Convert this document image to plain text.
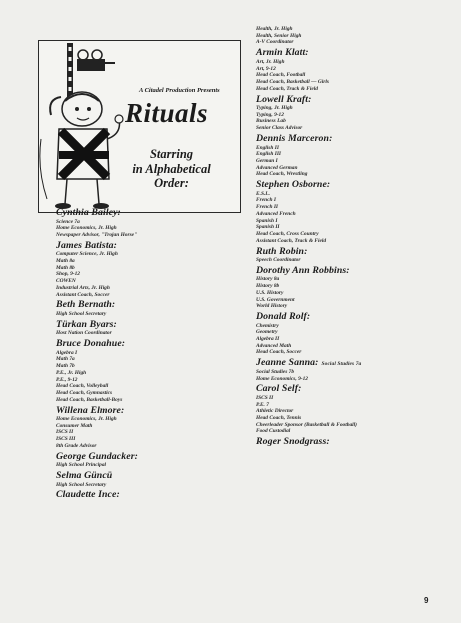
A Citadel Production Presents
Rituals
Starring
in Alphabetical
Order:
Cynthia Bailey:
Science 7a
Home Economics, Jr. High
Newspaper Advisor, "Trojan Horse"
James Batista:
Computer Science, Jr. High
Math 8a
Math 8b
Shop, 9-12
COWEN
Industrial Arts, Jr. High
Assistant Coach, Soccer
Beth Bernath:
High School Secretary
Türkan Byars:
Host Nation Coordinator
Bruce Donahue:
Algebra I
Math 7a
Math 7b
P.E., Jr. High
P.E., 9-12
Head Coach, Volleyball
Head Coach, Gymnastics
Head Coach, Basketball-Boys
Willena Elmore:
Home Economics, Jr. High
Consumer Math
ISCS II
ISCS III
8th Grade Advisor
George Gundacker:
High School Principal
Selma Güncü
High School Secretary
Claudette Ince:
Health, Jr. High
Health, Senior High
A-V Coordinator
Armin Klatt:
Art, Jr. High
Art, 9-12
Head Coach, Football
Head Coach, Basketball — Girls
Head Coach, Track & Field
Lowell Kraft:
Typing, Jr. High
Typing, 9-12
Business Lab
Senior Class Advisor
Dennis Marceron:
English II
English III
German I
Advanced German
Head Coach, Wrestling
Stephen Osborne:
E.S.L.
French I
French II
Advanced French
Spanish I
Spanish II
Head Coach, Cross Country
Assistant Coach, Track & Field
Ruth Robin:
Speech Coordinator
Dorothy Ann Robbins:
History 8a
History 8b
U.S. History
U.S. Government
World History
Donald Rolf:
Chemistry
Geometry
Algebra II
Advanced Math
Head Coach, Soccer
Jeanne Sanna: Social Studies 7a
Social Studies 7b
Home Economics, 9-12
Carol Self:
ISCS II
P.E. 7
Athletic Director
Head Coach, Tennis
Cheerleader Sponsor (Basketball & Football)
Food Custodial
Roger Snodgrass:
9
